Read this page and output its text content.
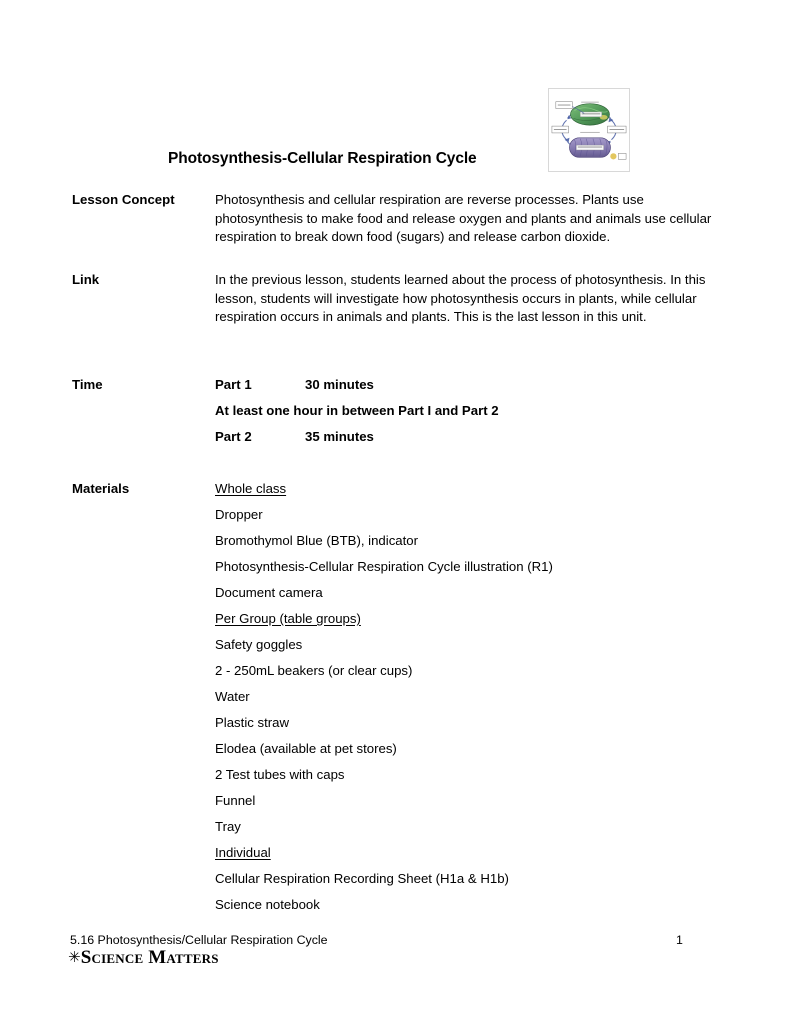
Photosynthesis-Cellular Respiration Cycle
Lesson Concept	Photosynthesis and cellular respiration are reverse processes. Plants use photosynthesis to make food and release oxygen and plants and animals use cellular respiration to break down food (sugars) and release carbon dioxide.
Link	In the previous lesson, students learned about the process of photosynthesis. In this lesson, students will investigate how photosynthesis occurs in plants, while cellular respiration occurs in animals and plants. This is the last lesson in this unit.
Time	Part 1	30 minutes
At least one hour in between Part I and Part 2
Part 2	35 minutes
Materials	Whole class
Dropper
Bromothymol Blue (BTB), indicator
Photosynthesis-Cellular Respiration Cycle illustration (R1)
Document camera
Per Group (table groups)
Safety goggles
2 - 250mL beakers (or clear cups)
Water
Plastic straw
Elodea (available at pet stores)
2 Test tubes with caps
Funnel
Tray
Individual
Cellular Respiration Recording Sheet (H1a & H1b)
Science notebook
5.16 Photosynthesis/Cellular Respiration Cycle	1
✳Science Matters
